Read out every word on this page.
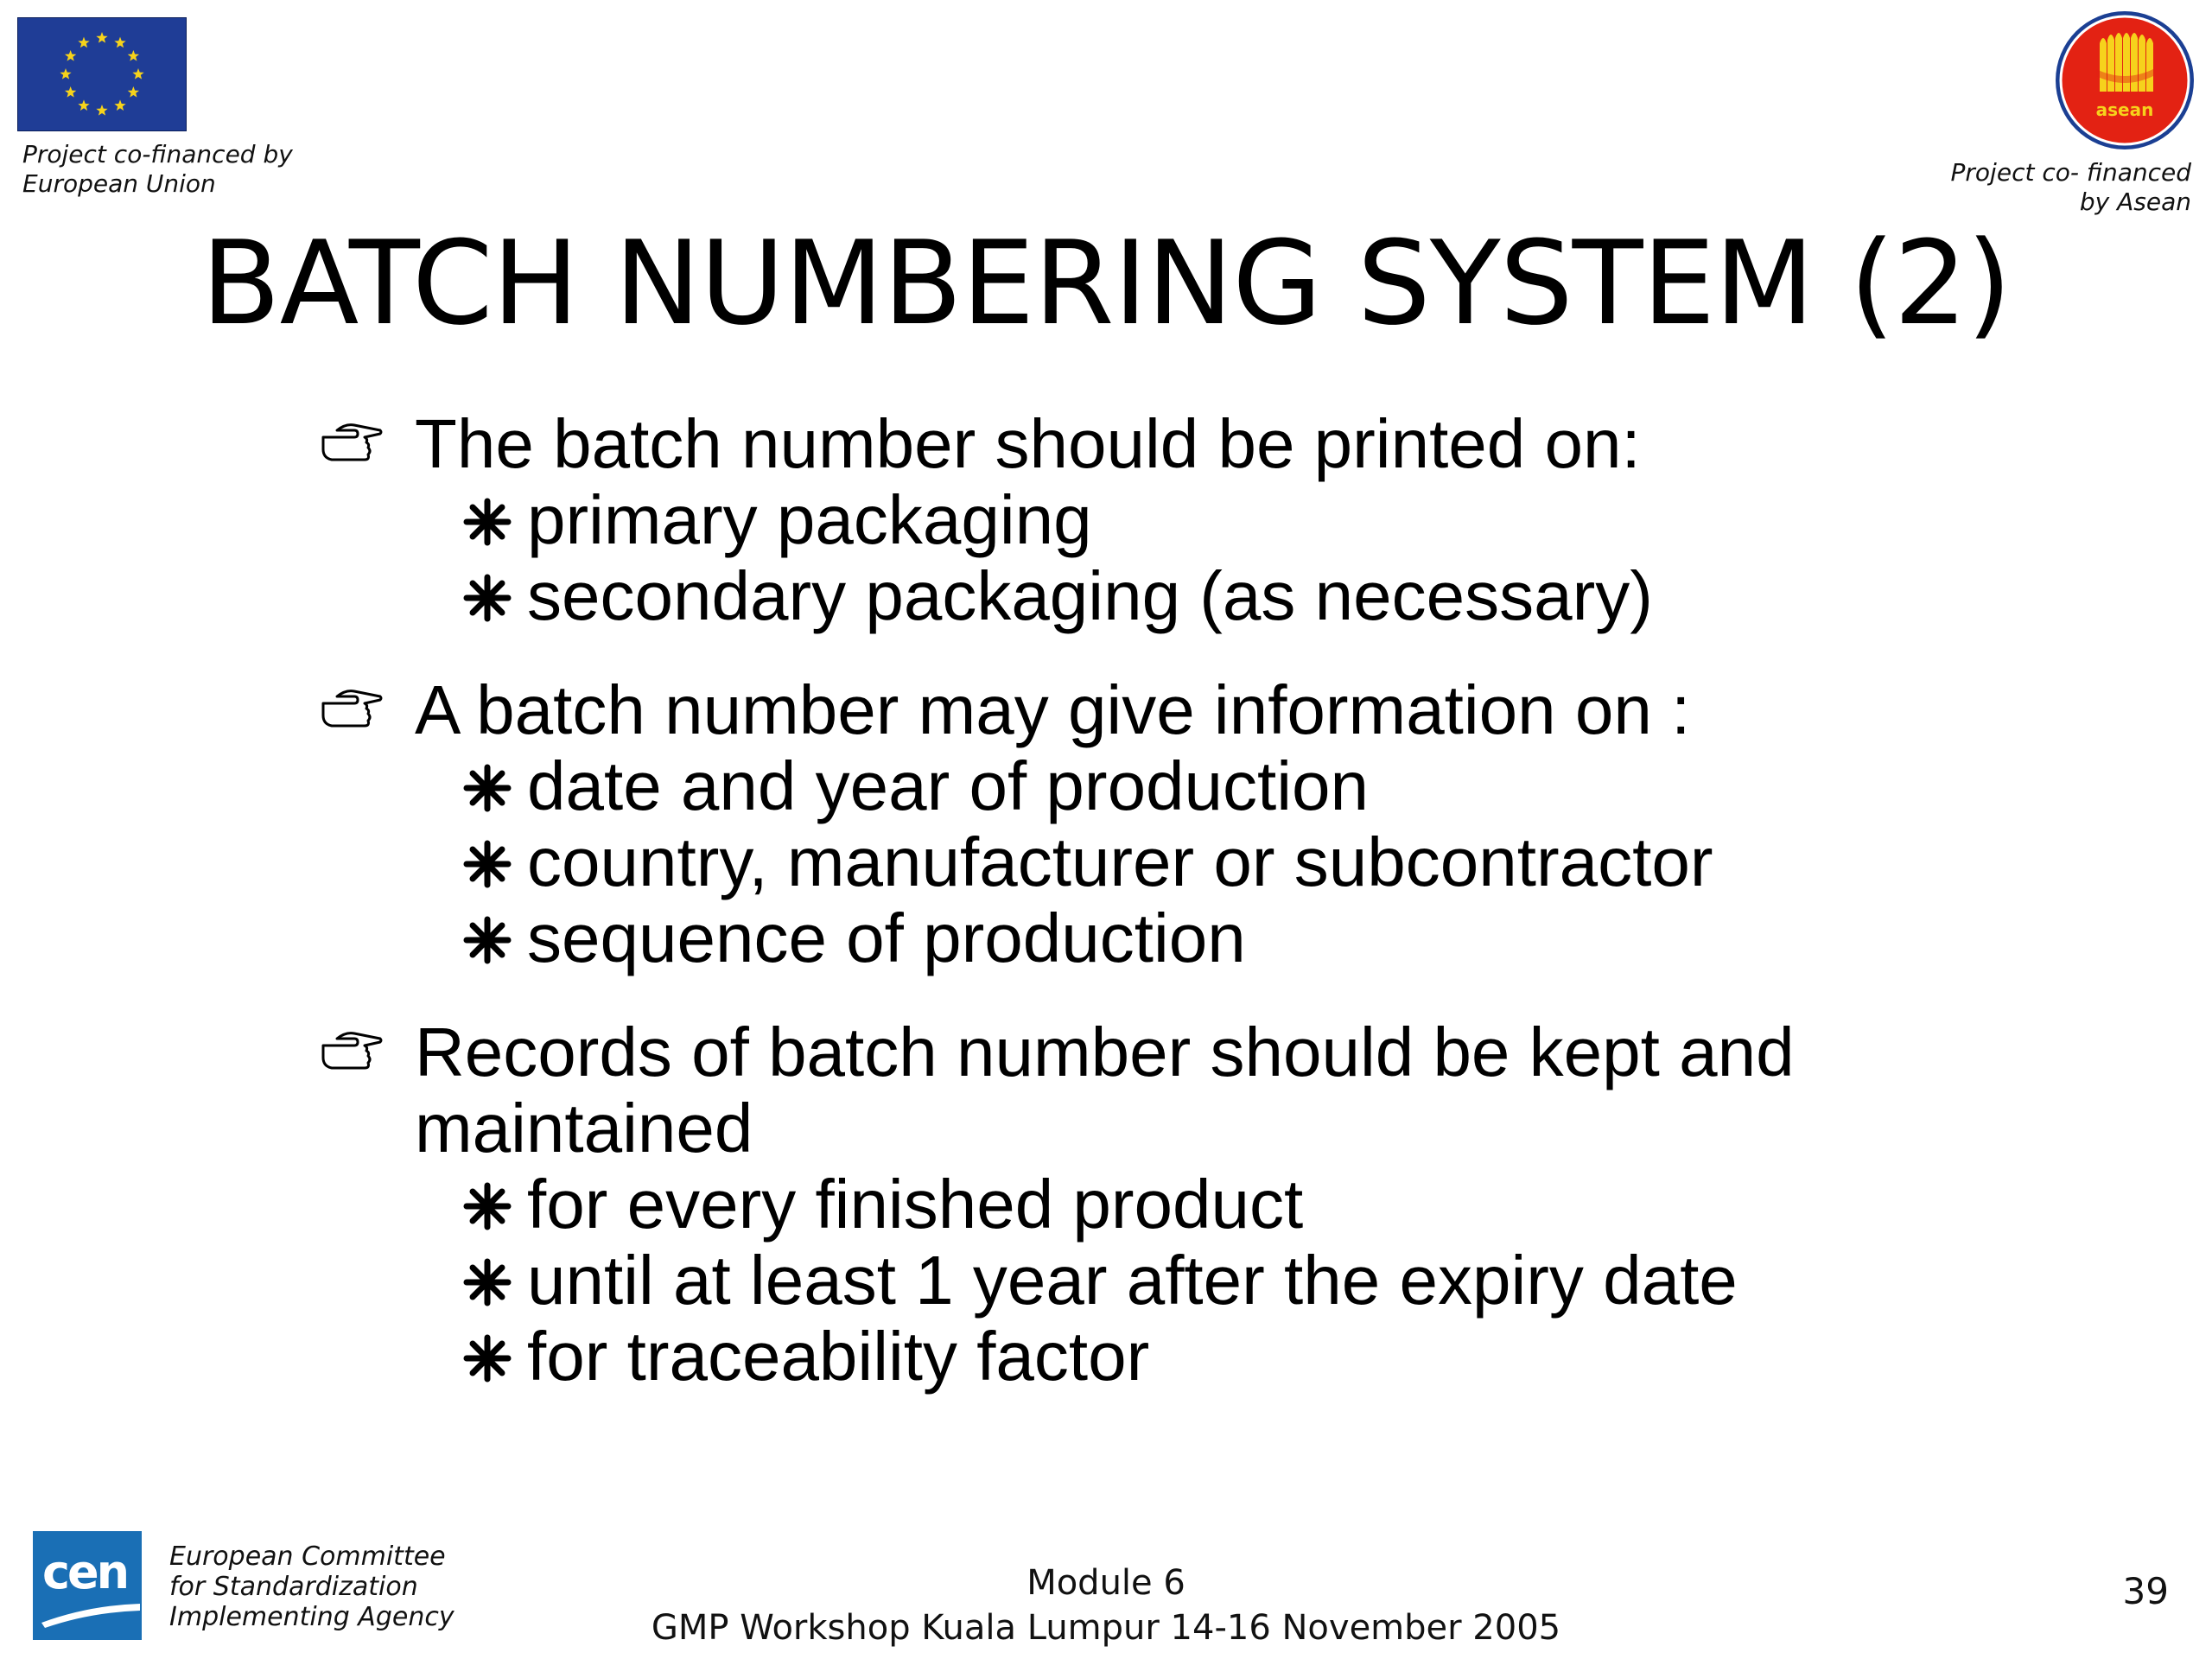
Project co-financed by
European Union
asean
Project co- financed
by Asean
BATCH NUMBERING SYSTEM (2)
The batch number should be printed on:
primary packaging
secondary packaging (as necessary)
A batch number may give information on :
date and year of production
country, manufacturer or subcontractor
sequence of production
Records of batch number should be kept and
maintained
for every finished product
until at least 1 year after the expiry date
for traceability factor
cen European Committee
for Standardization
Implementing Agency
Module 6
GMP Workshop Kuala Lumpur 14-16 November 2005
39
